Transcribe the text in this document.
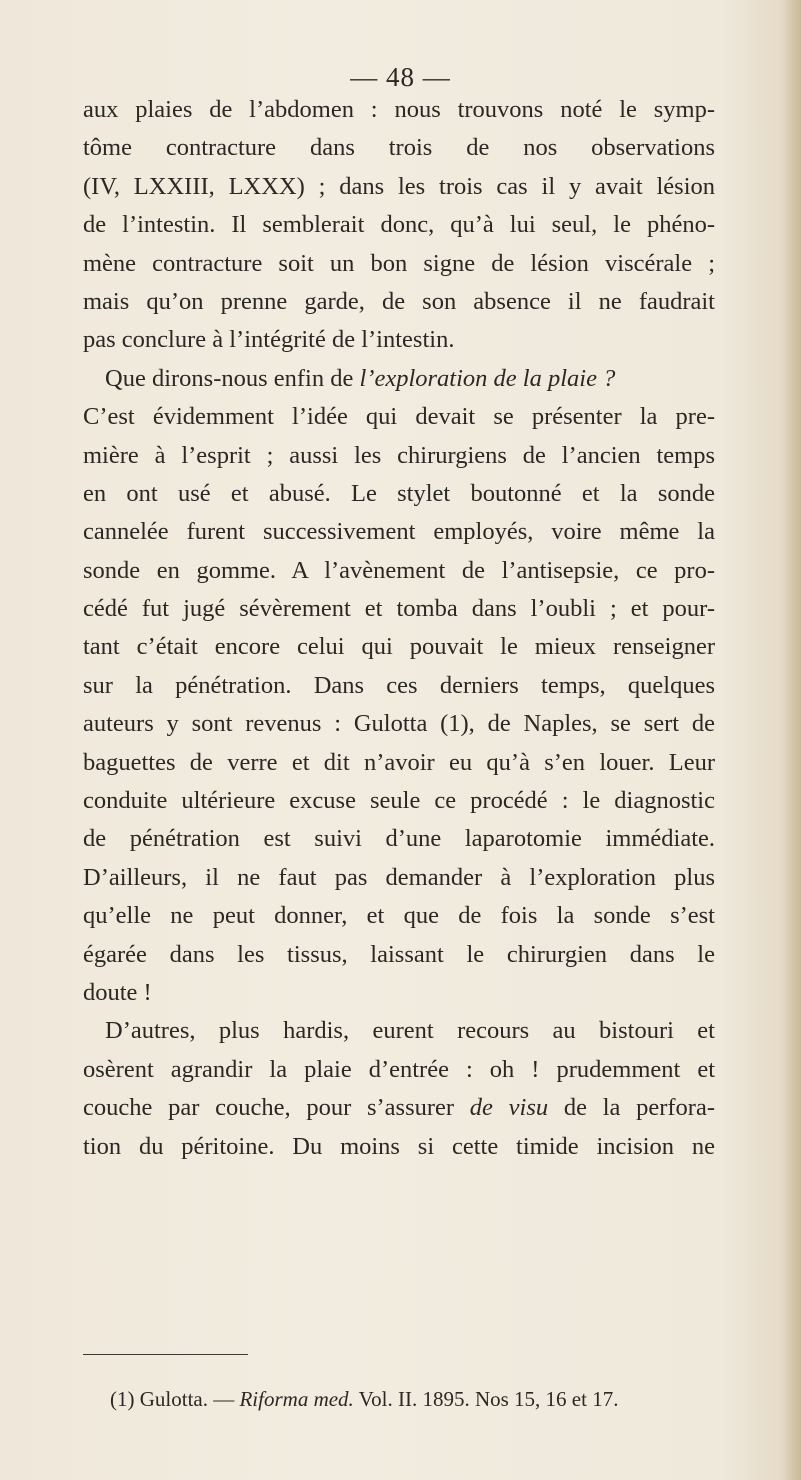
— 48 —
aux plaies de l’abdomen : nous trouvons noté le symp-
tôme contracture dans trois de nos observations
(IV, LXXIII, LXXX) ; dans les trois cas il y avait lésion
de l’intestin. Il semblerait donc, qu’à lui seul, le phéno-
mène contracture soit un bon signe de lésion viscérale ;
mais qu’on prenne garde, de son absence il ne faudrait
pas conclure à l’intégrité de l’intestin.
Que dirons-nous enfin de l’exploration de la plaie ?
C’est évidemment l’idée qui devait se présenter la pre-
mière à l’esprit ; aussi les chirurgiens de l’ancien temps
en ont usé et abusé. Le stylet boutonné et la sonde
cannelée furent successivement employés, voire même la
sonde en gomme. A l’avènement de l’antisepsie, ce pro-
cédé fut jugé sévèrement et tomba dans l’oubli ; et pour-
tant c’était encore celui qui pouvait le mieux renseigner
sur la pénétration. Dans ces derniers temps, quelques
auteurs y sont revenus : Gulotta (1), de Naples, se sert de
baguettes de verre et dit n’avoir eu qu’à s’en louer. Leur
conduite ultérieure excuse seule ce procédé : le diagnostic
de pénétration est suivi d’une laparotomie immédiate.
D’ailleurs, il ne faut pas demander à l’exploration plus
qu’elle ne peut donner, et que de fois la sonde s’est
égarée dans les tissus, laissant le chirurgien dans le
doute !
D’autres, plus hardis, eurent recours au bistouri et
osèrent agrandir la plaie d’entrée : oh ! prudemment et
couche par couche, pour s’assurer de visu de la perfora-
tion du péritoine. Du moins si cette timide incision ne
(1) Gulotta. — Riforma med. Vol. II. 1895. Nos 15, 16 et 17.
